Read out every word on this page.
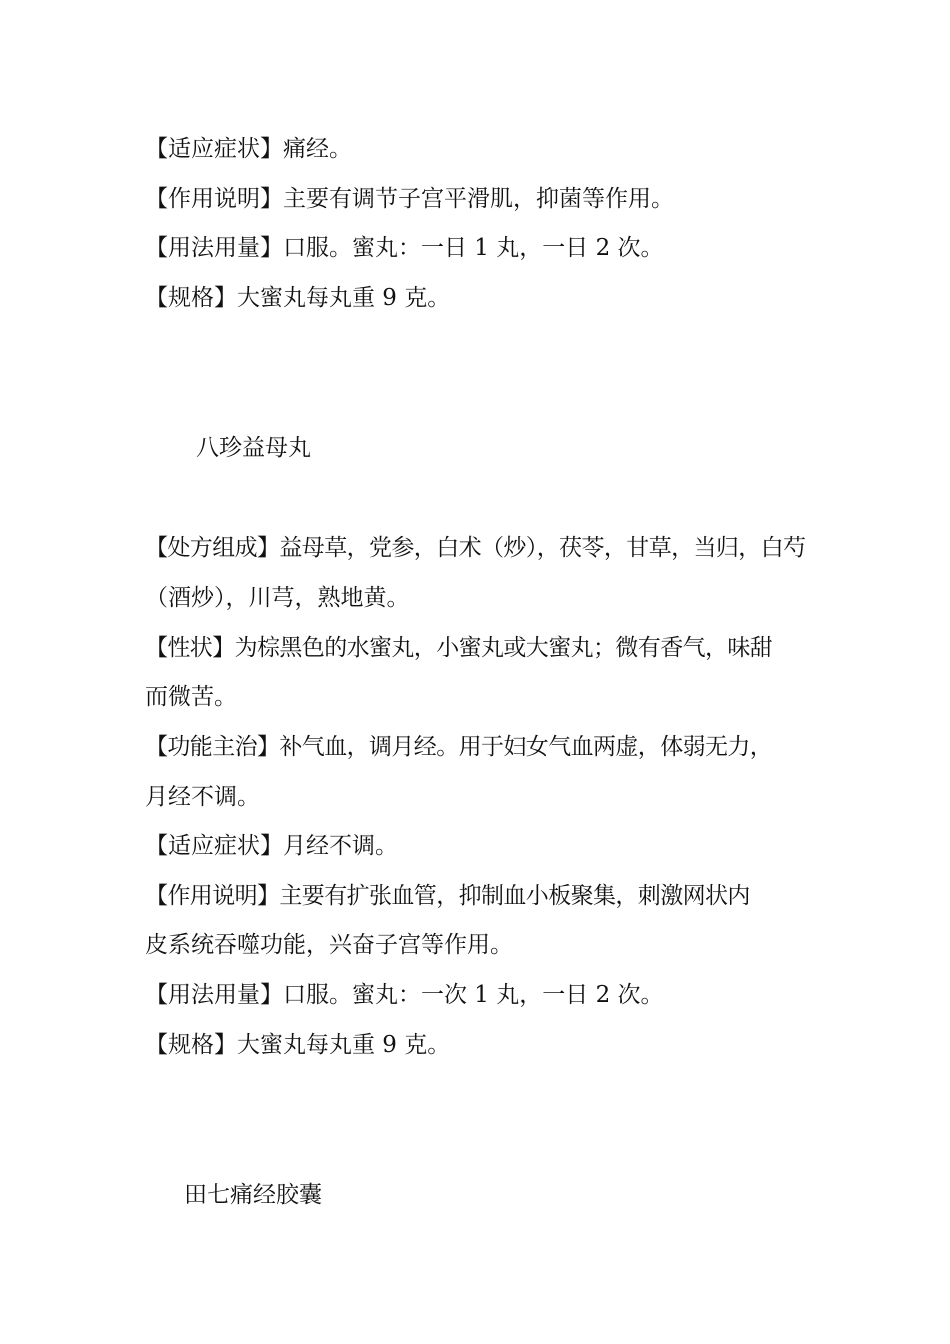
【适应症状】痛经。
【作用说明】主要有调节子宫平滑肌，抑菌等作用。
【用法用量】口服。蜜丸：一日 1 丸，一日 2 次。
【规格】大蜜丸每丸重 9 克。
八珍益母丸
【处方组成】益母草，党参，白术（炒），茯苓，甘草，当归，白芍
（酒炒），川芎，熟地黄。
【性状】为棕黑色的水蜜丸，小蜜丸或大蜜丸；微有香气，味甜
而微苦。
【功能主治】补气血，调月经。用于妇女气血两虚，体弱无力，
月经不调。
【适应症状】月经不调。
【作用说明】主要有扩张血管，抑制血小板聚集，刺激网状内
皮系统吞噬功能，兴奋子宫等作用。
【用法用量】口服。蜜丸：一次 1 丸，一日 2 次。
【规格】大蜜丸每丸重 9 克。
田七痛经胶囊
